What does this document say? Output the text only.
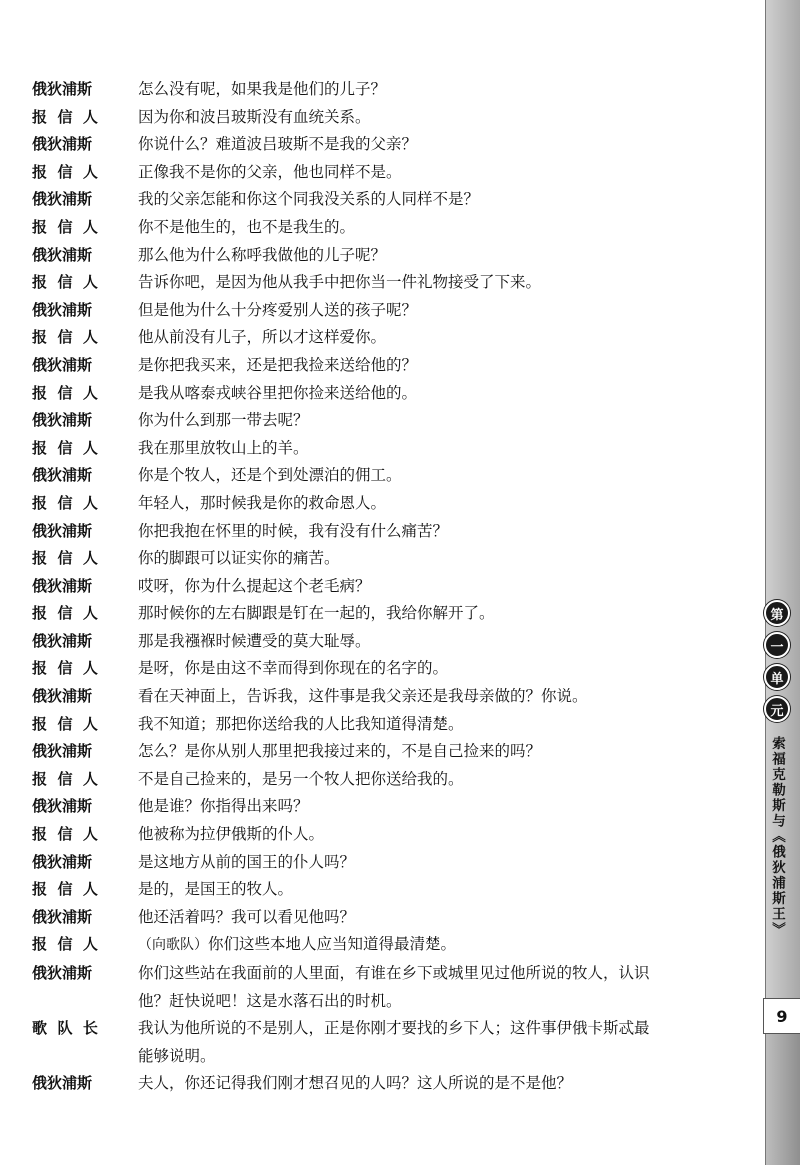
俄狄浦斯	怎么没有呢，如果我是他们的儿子？
报  信  人	因为你和波吕玻斯没有血统关系。
俄狄浦斯	你说什么？难道波吕玻斯不是我的父亲？
报  信  人	正像我不是你的父亲，他也同样不是。
俄狄浦斯	我的父亲怎能和你这个同我没关系的人同样不是？
报  信  人	你不是他生的，也不是我生的。
俄狄浦斯	那么他为什么称呼我做他的儿子呢？
报  信  人	告诉你吧，是因为他从我手中把你当一件礼物接受了下来。
俄狄浦斯	但是他为什么十分疼爱别人送的孩子呢？
报  信  人	他从前没有儿子，所以才这样爱你。
俄狄浦斯	是你把我买来，还是把我捡来送给他的？
报  信  人	是我从喀泰戎峡谷里把你捡来送给他的。
俄狄浦斯	你为什么到那一带去呢？
报  信  人	我在那里放牧山上的羊。
俄狄浦斯	你是个牧人，还是个到处漂泊的佣工。
报  信  人	年轻人，那时候我是你的救命恩人。
俄狄浦斯	你把我抱在怀里的时候，我有没有什么痛苦？
报  信  人	你的脚跟可以证实你的痛苦。
俄狄浦斯	哎呀，你为什么提起这个老毛病？
报  信  人	那时候你的左右脚跟是钉在一起的，我给你解开了。
俄狄浦斯	那是我襁褓时候遭受的莫大耻辱。
报  信  人	是呀，你是由这不幸而得到你现在的名字的。
俄狄浦斯	看在天神面上，告诉我，这件事是我父亲还是我母亲做的？你说。
报  信  人	我不知道；那把你送给我的人比我知道得清楚。
俄狄浦斯	怎么？是你从别人那里把我接过来的，不是自己捡来的吗？
报  信  人	不是自己捡来的，是另一个牧人把你送给我的。
俄狄浦斯	他是谁？你指得出来吗？
报  信  人	他被称为拉伊俄斯的仆人。
俄狄浦斯	是这地方从前的国王的仆人吗？
报  信  人	是的，是国王的牧人。
俄狄浦斯	他还活着吗？我可以看见他吗？
报  信  人	（向歌队）你们这些本地人应当知道得最清楚。
俄狄浦斯	你们这些站在我面前的人里面，有谁在乡下或城里见过他所说的牧人，认识
他？赶快说吧！这是水落石出的时机。
歌  队  长	我认为他所说的不是别人，正是你刚才要找的乡下人；这件事伊俄卡斯忒最
能够说明。
俄狄浦斯	夫人，你还记得我们刚才想召见的人吗？这人所说的是不是他？
第
一
单
元
索福克勒斯与《俄狄浦斯王》
9
